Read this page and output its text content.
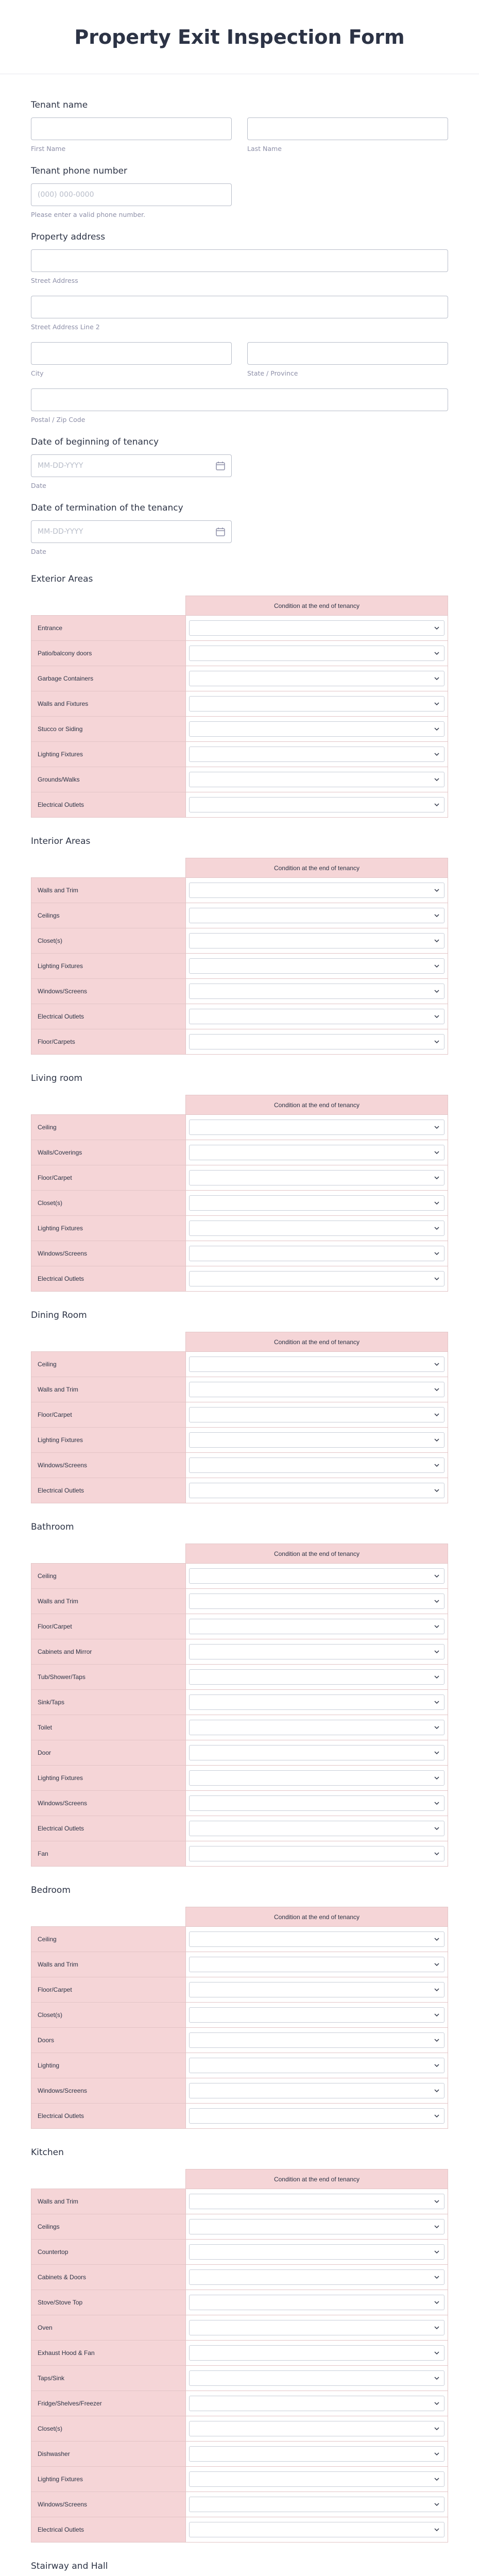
Property Exit Inspection Form
Tenant name
First Name	Last Name
Tenant phone number
(000) 000-0000
Please enter a valid phone number.
Property address
Street Address
Street Address Line 2
City	State / Province
Postal / Zip Code
Date of beginning of tenancy
MM-DD-YYYY
Date
Date of termination of the tenancy
MM-DD-YYYY
Date
Exterior Areas
	Condition at the end of tenancy
Entrance	

Patio/balcony doors	

Garbage Containers	

Walls and Fixtures	

Stucco or Siding	

Lighting Fixtures	

Grounds/Walks	

Electrical Outlets	
Interior Areas
	Condition at the end of tenancy
Walls and Trim	

Ceilings	

Closet(s)	

Lighting Fixtures	

Windows/Screens	

Electrical Outlets	

Floor/Carpets	
Living room
	Condition at the end of tenancy
Ceiling	

Walls/Coverings	

Floor/Carpet	

Closet(s)	

Lighting Fixtures	

Windows/Screens	

Electrical Outlets	
Dining Room
	Condition at the end of tenancy
Ceiling	

Walls and Trim	

Floor/Carpet	

Lighting Fixtures	

Windows/Screens	

Electrical Outlets	
Bathroom
	Condition at the end of tenancy
Ceiling	

Walls and Trim	

Floor/Carpet	

Cabinets and Mirror	

Tub/Shower/Taps	

Sink/Taps	

Toilet	

Door	

Lighting Fixtures	

Windows/Screens	

Electrical Outlets	

Fan	
Bedroom
	Condition at the end of tenancy
Ceiling	

Walls and Trim	

Floor/Carpet	

Closet(s)	

Doors	

Lighting	

Windows/Screens	

Electrical Outlets	
Kitchen
	Condition at the end of tenancy
Walls and Trim	

Ceilings	

Countertop	

Cabinets & Doors	

Stove/Stove Top	

Oven	

Exhaust Hood & Fan	

Taps/Sink	

Fridge/Shelves/Freezer	

Closet(s)	

Dishwasher	

Lighting Fixtures	

Windows/Screens	

Electrical Outlets	
Stairway and Hall
